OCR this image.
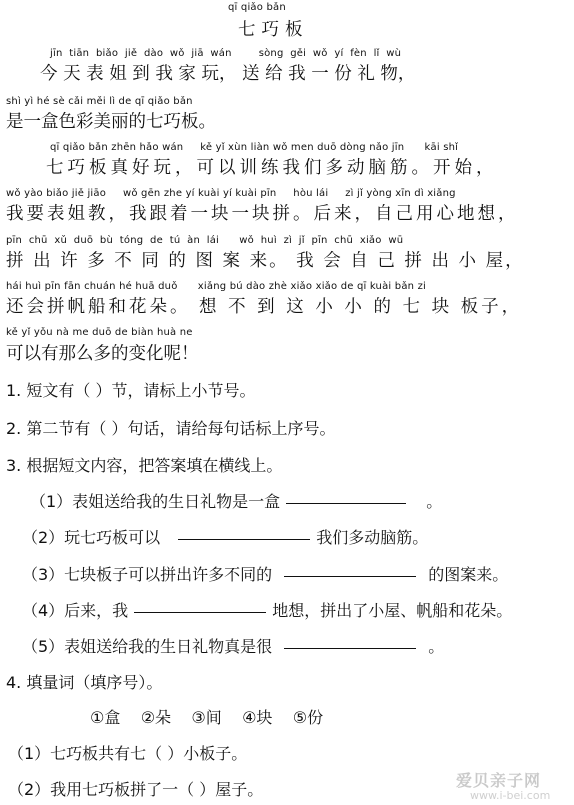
qī qiǎo bǎn
七巧板
jīn  tiān  biǎo  jiě  dào  wǒ  jiā  wán        sòng  gěi  wǒ  yí  fèn  lǐ  wù
今 天 表 姐 到 我 家 玩， 送 给 我 一 份 礼 物，
shì yì hé sè cǎi měi lì de qī qiǎo bǎn
是一盒色彩美丽的七巧板。
qī qiǎo bǎn zhēn hǎo wán     kě yǐ xùn liàn wǒ men duō dòng nǎo jīn      kāi shǐ
七巧板真好玩，可以训练我们多动脑筋。开始，
wǒ yào biǎo jiě jiāo     wǒ gēn zhe yí kuài yí kuài pīn     hòu lái     zì jǐ yòng xīn dì xiǎng
我要表姐教，我跟着一块一块拼。后来，自己用心地想，
pīn  chū  xǔ  duō  bù  tóng  de  tú  àn  lái      wǒ  huì  zì  jǐ  pīn  chū  xiǎo  wū
拼 出 许 多 不 同 的 图 案 来。 我 会 自 己 拼 出 小 屋，
hái huì pīn fān chuán hé huā duǒ      xiǎng bú dào zhè xiǎo xiǎo de qī kuài bǎn zi
还会拼帆船和花朵。 想 不 到 这 小 小 的 七 块 板子，
kě yǐ yǒu nà me duō de biàn huà ne
可以有那么多的变化呢！
1. 短文有（ ）节，请标上小节号。
2. 第二节有（ ）句话，请给每句话标上序号。
3. 根据短文内容，把答案填在横线上。
（1）表姐送给我的生日礼物是一盒	。
（2）玩七巧板可以	我们多动脑筋。
（3）七块板子可以拼出许多不同的	的图案来。
（4）后来，我	地想，拼出了小屋、帆船和花朵。
（5）表姐送给我的生日礼物真是很	。
4. 填量词（填序号）。
①盒    ②朵    ③间    ④块    ⑤份
（1）七巧板共有七（ ）小板子。
（2）我用七巧板拼了一（ ）屋子。	爱贝亲子网
www.i-bei.com
